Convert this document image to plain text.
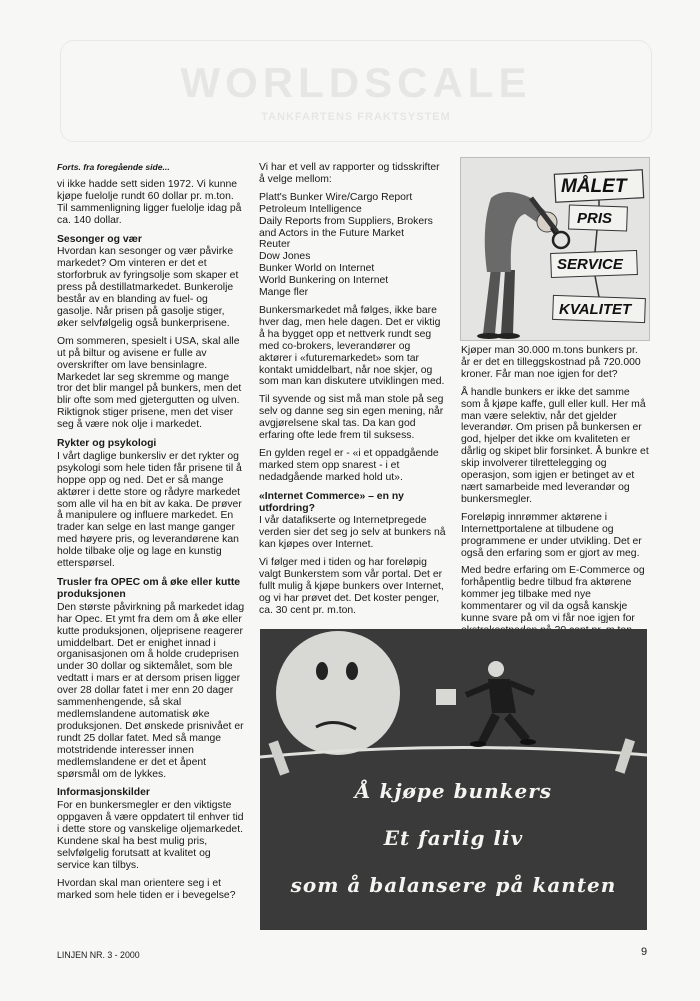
WORLDSCALE
TANKFARTENS FRAKTSYSTEM
Forts. fra foregående side...

vi ikke hadde sett siden 1972. Vi kunne kjøpe fuelolje rundt 60 dollar pr. m.ton. Til sammenligning ligger fuelolje idag på ca. 140 dollar.

Sesonger og vær

Hvordan kan sesonger og vær påvirke markedet? Om vinteren er det et storforbruk av fyringsolje som skaper et press på destillatmarkedet. Bunkerolje består av en blanding av fuel- og gasolje. Når prisen på gasolje stiger, øker selvfølgelig også bunkerprisene.

Om sommeren, spesielt i USA, skal alle ut på biltur og avisene er fulle av overskrifter om lave bensinlagre. Markedet lar seg skremme og mange tror det blir mangel på bunkers, men det blir ofte som med gjetergutten og ulven. Riktignok stiger prisene, men det viser seg å være nok olje i markedet.

Rykter og psykologi

I vårt daglige bunkersliv er det rykter og psykologi som hele tiden får prisene til å hoppe opp og ned. Det er så mange aktører i dette store og rådyre markedet som alle vil ha en bit av kaka. De prøver å manipulere og influere markedet. En trader kan selge en last mange ganger med høyere pris, og leverandørene kan holde tilbake olje og lage en kunstig etterspørsel.

Trusler fra OPEC om å øke eller kutte produksjonen

Den største påvirkning på markedet idag har Opec. Et ymt fra dem om å øke eller kutte produksjonen, oljeprisene reagerer umiddelbart. Det er enighet innad i organisasjonen om å holde crudeprisen under 30 dollar og siktemålet, som ble vedtatt i mars er at dersom prisen ligger over 28 dollar fatet i mer enn 20 dager sammenhengende, så skal medlemslandene automatisk øke produksjonen. Det ønskede prisnivået er rundt 25 dollar fatet. Med så mange motstridende interesser innen medlemslandene er det et åpent spørsmål om de lykkes.

Informasjonskilder

For en bunkersmegler er den viktigste oppgaven å være oppdatert til enhver tid i dette store og vanskelige oljemarkedet. Kundene skal ha best mulig pris, selvfølgelig forutsatt at kvalitet og service kan tilbys.

Hvordan skal man orientere seg i et marked som hele tiden er i bevegelse?

Vi har et vell av rapporter og tidsskrifter å velge mellom:

Platt's Bunker Wire/Cargo Report
Petroleum Intelligence
Daily Reports from Suppliers, Brokers and Actors in the Future Market
Reuter
Dow Jones
Bunker World on Internet
World Bunkering on Internet
Mange fler

Bunkersmarkedet må følges, ikke bare hver dag, men hele dagen. Det er viktig å ha bygget opp et nettverk rundt seg med co-brokers, leverandører og aktører i «futuremarkedet» som tar kontakt umiddelbart, når noe skjer, og som man kan diskutere utviklingen med.

Til syvende og sist må man stole på seg selv og danne seg sin egen mening, når avgjørelsene skal tas. Da kan god erfaring ofte lede frem til suksess.

En gylden regel er - «i et oppadgående marked stem opp snarest - i et nedadgående marked hold ut».

«Internet Commerce» – en ny utfordring?

I vår datafikserte og Internetpregede verden sier det seg jo selv at bunkers nå kan kjøpes over Internet.

Vi følger med i tiden og har foreløpig valgt Bunkerstem som vår portal. Det er fullt mulig å kjøpe bunkers over Internet, og vi har prøvet det. Det koster penger, ca. 30 cent pr. m.ton.

MÅLET
PRIS
SERVICE
KVALITET

Kjøper man 30.000 m.tons bunkers pr. år er det en tilleggskostnad på 720.000 kroner. Får man noe igjen for det?

Å handle bunkers er ikke det samme som å kjøpe kaffe, gull eller kull. Her må man være selektiv, når det gjelder leverandør. Om prisen på bunkersen er god, hjelper det ikke om kvaliteten er dårlig og skipet blir forsinket. Å bunkre et skip involverer tilrettelegging og operasjon, som igjen er betinget av et nært samarbeide med leverandør og bunkersmegler.

Foreløpig innrømmer aktørene i Internettportalene at tilbudene og programmene er under utvikling. Det er også den erfaring som er gjort av meg.

Med bedre erfaring om E-Commerce og forhåpentlig bedre tilbud fra aktørene kommer jeg tilbake med nye kommentarer og vil da også kanskje kunne svare på om vi får noe igjen for

Å kjøpe bunkers
Et farlig liv
som å balansere på kanten
LINJEN NR. 3 - 2000	9
